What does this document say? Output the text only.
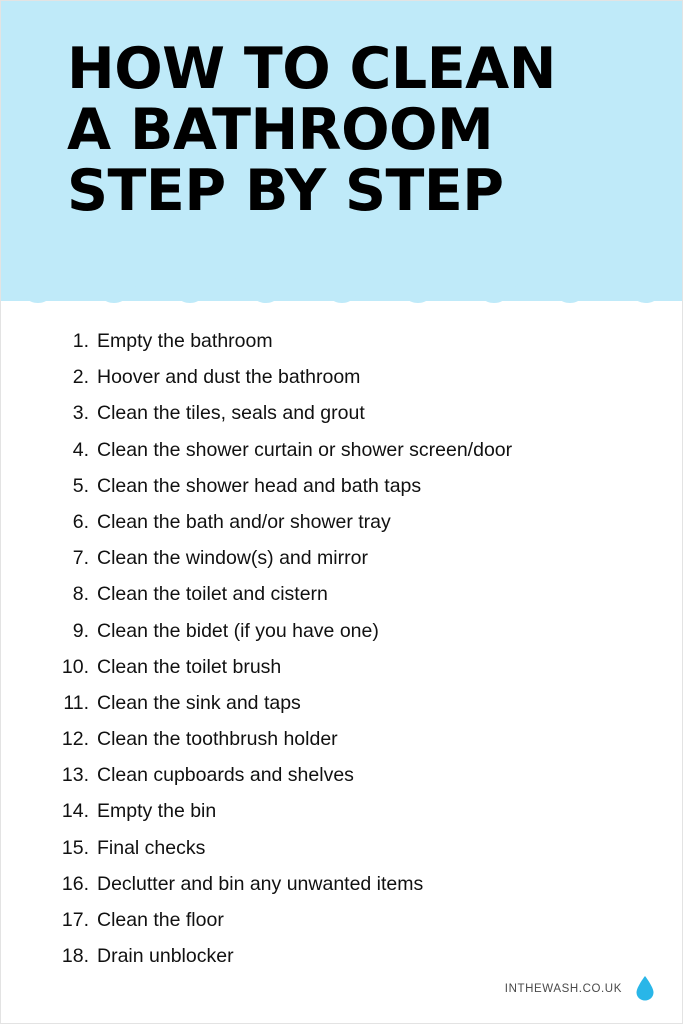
HOW TO CLEAN
A BATHROOM
STEP BY STEP
1. Empty the bathroom
2. Hoover and dust the bathroom
3. Clean the tiles, seals and grout
4. Clean the shower curtain or shower screen/door
5. Clean the shower head and bath taps
6. Clean the bath and/or shower tray
7. Clean the window(s) and mirror
8. Clean the toilet and cistern
9. Clean the bidet (if you have one)
10. Clean the toilet brush
11. Clean the sink and taps
12. Clean the toothbrush holder
13. Clean cupboards and shelves
14. Empty the bin
15. Final checks
16. Declutter and bin any unwanted items
17. Clean the floor
18. Drain unblocker
INTHEWASH.CO.UK
